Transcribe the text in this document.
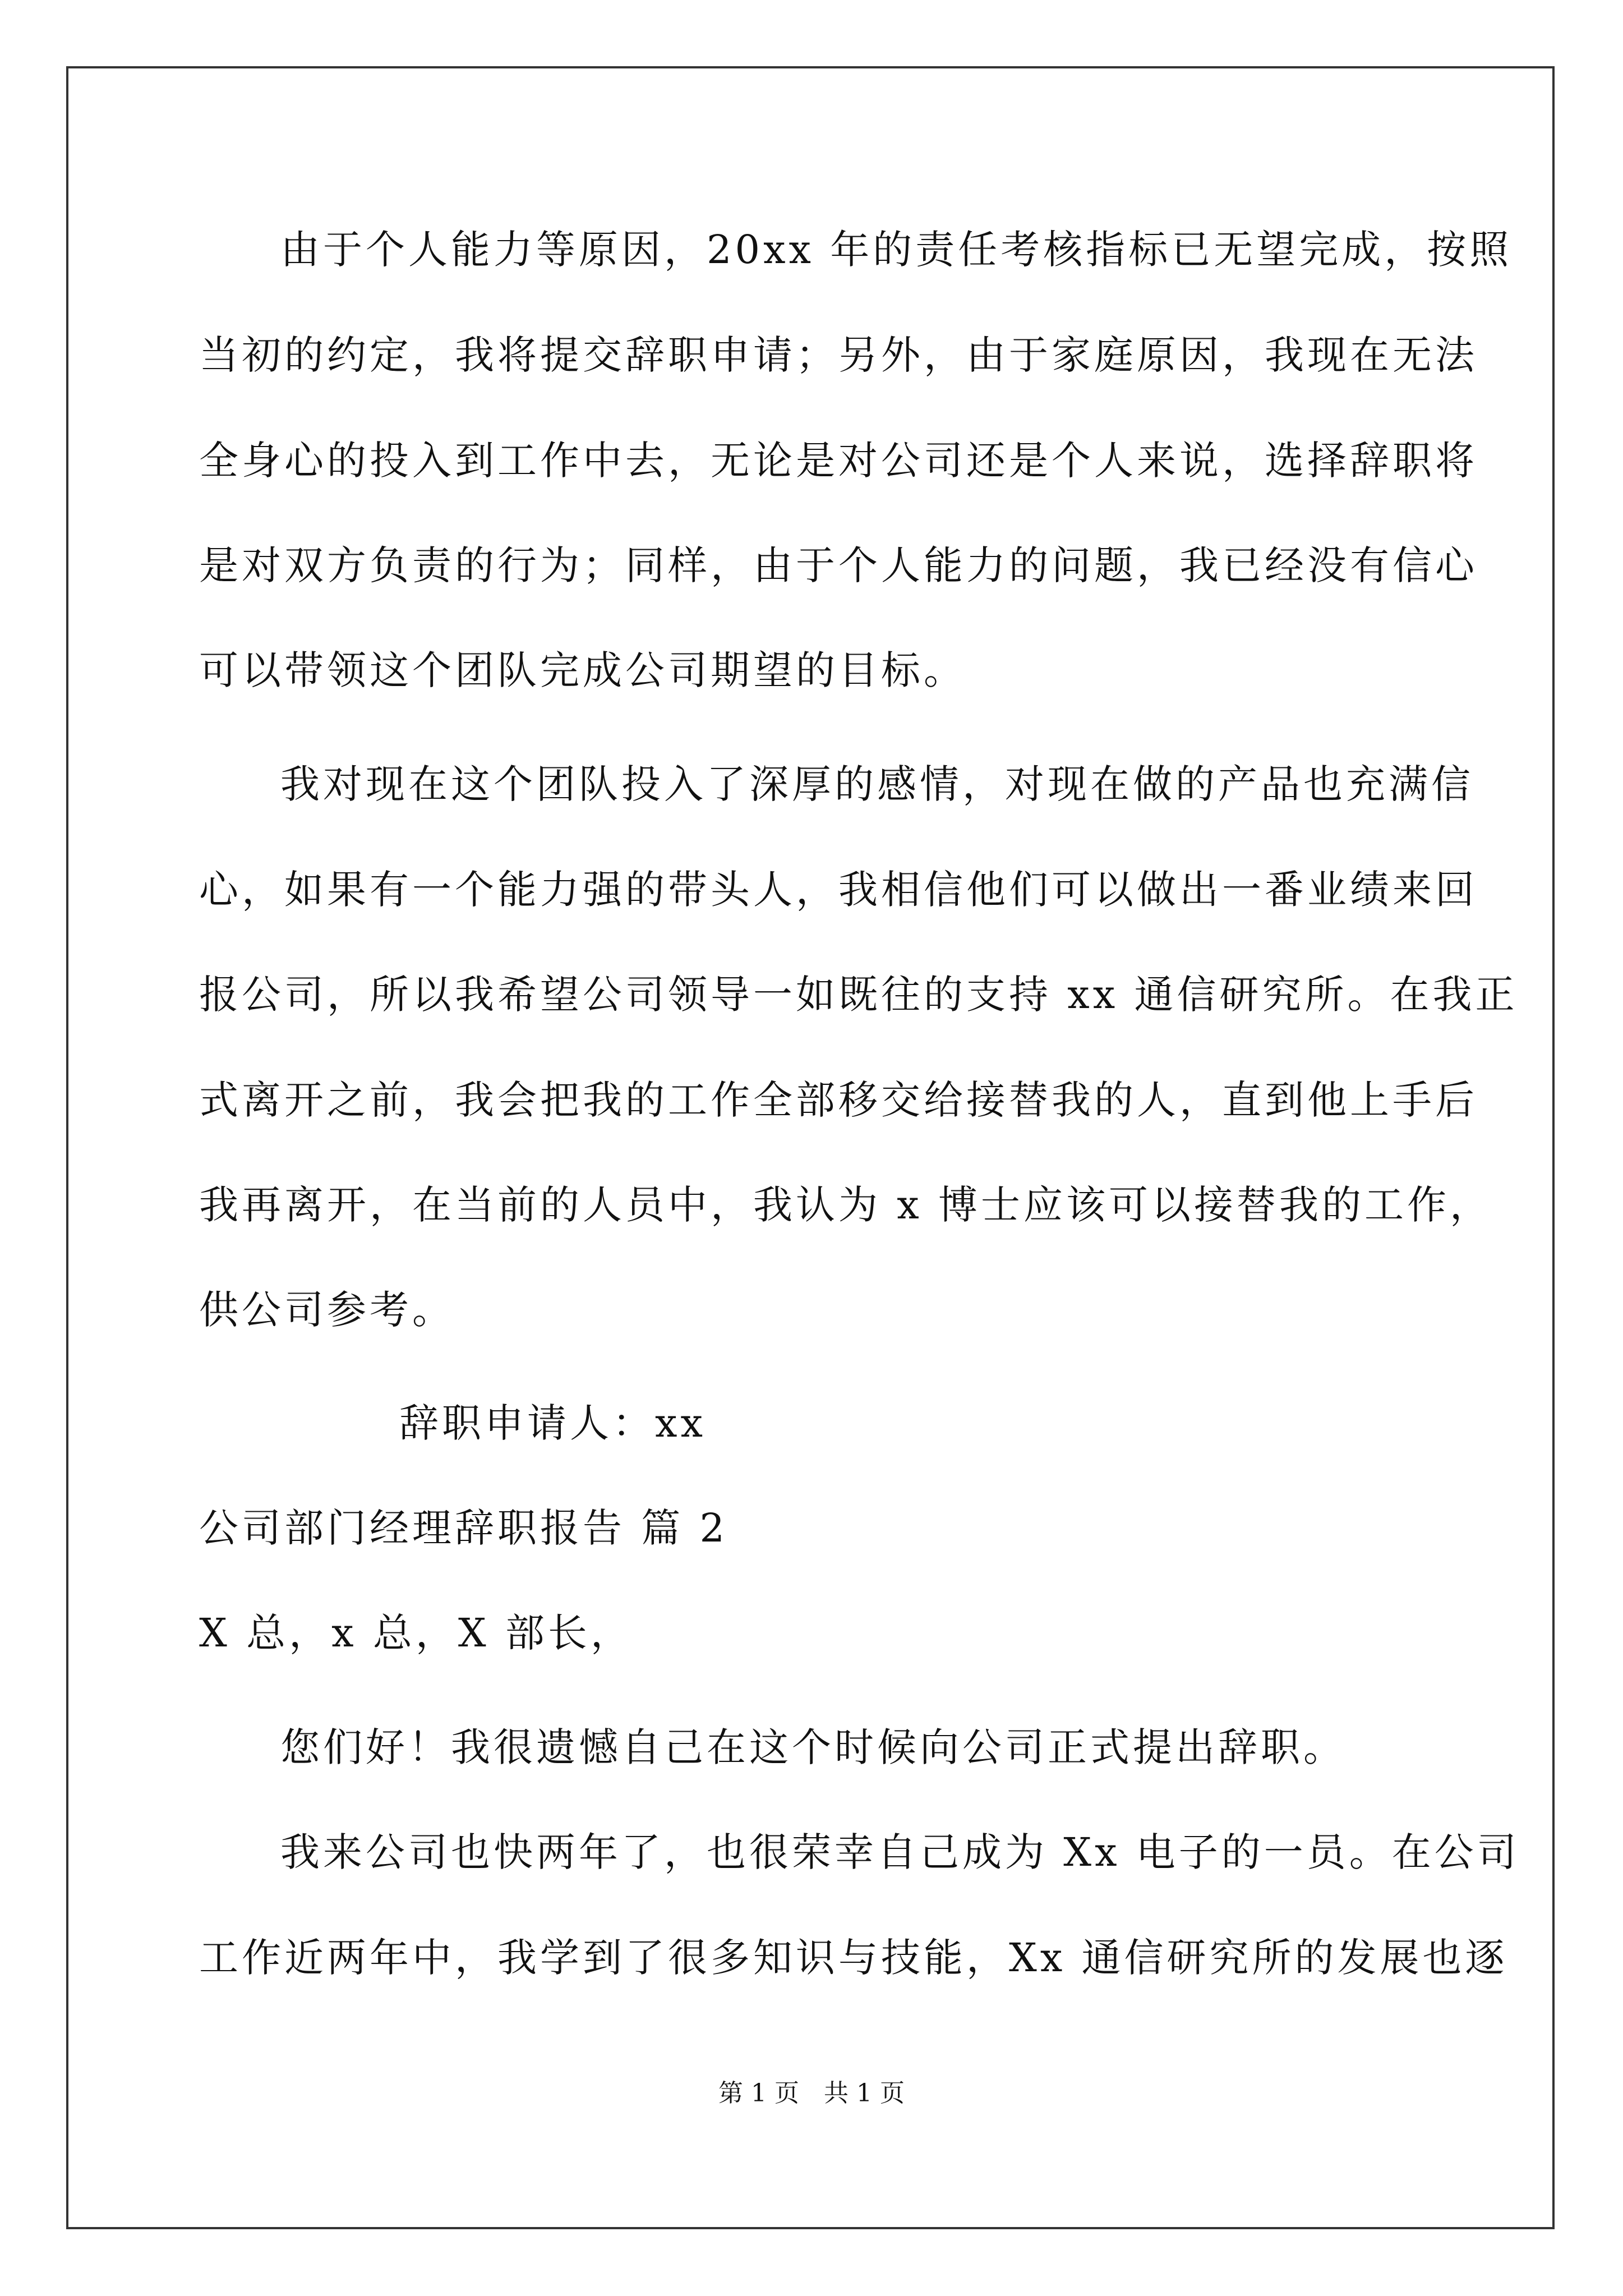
由于个人能力等原因，20xx 年的责任考核指标已无望完成，按照
当初的约定，我将提交辞职申请；另外，由于家庭原因，我现在无法
全身心的投入到工作中去，无论是对公司还是个人来说，选择辞职将
是对双方负责的行为；同样，由于个人能力的问题，我已经没有信心
可以带领这个团队完成公司期望的目标。
我对现在这个团队投入了深厚的感情，对现在做的产品也充满信
心，如果有一个能力强的带头人，我相信他们可以做出一番业绩来回
报公司，所以我希望公司领导一如既往的支持 xx 通信研究所。在我正
式离开之前，我会把我的工作全部移交给接替我的人，直到他上手后
我再离开，在当前的人员中，我认为 x 博士应该可以接替我的工作，
供公司参考。
辞职申请人：xx
公司部门经理辞职报告 篇 2
X 总，x 总，X 部长，
您们好！我很遗憾自己在这个时候向公司正式提出辞职。
我来公司也快两年了，也很荣幸自己成为 Xx 电子的一员。在公司
工作近两年中，我学到了很多知识与技能，Xx 通信研究所的发展也逐
第 1 页　共 1 页
